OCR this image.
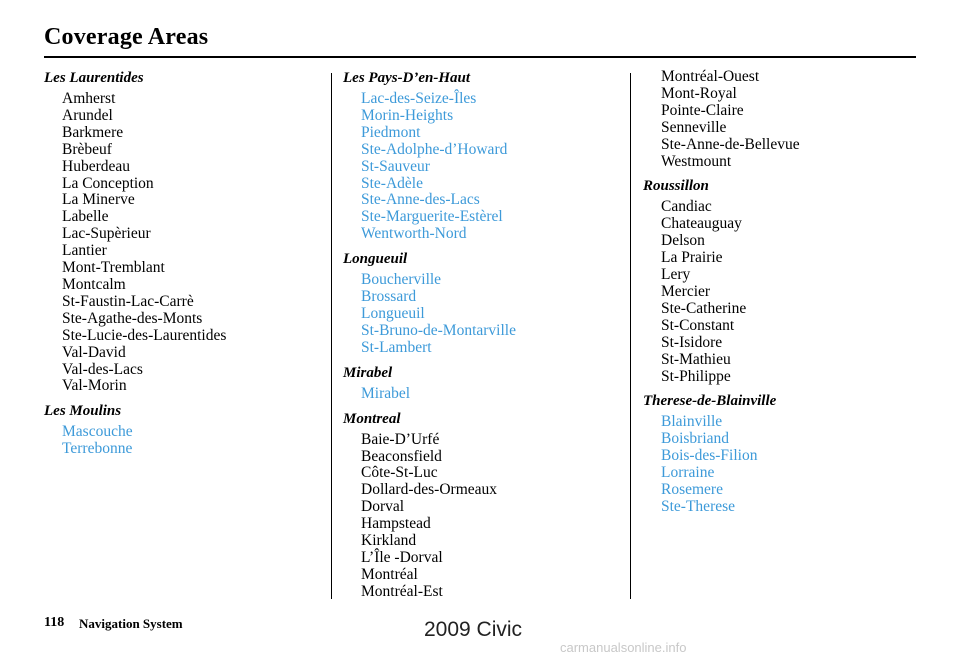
Coverage Areas
Les Laurentides
Amherst
Arundel
Barkmere
Brèbeuf
Huberdeau
La Conception
La Minerve
Labelle
Lac-Supèrieur
Lantier
Mont-Tremblant
Montcalm
St-Faustin-Lac-Carrè
Ste-Agathe-des-Monts
Ste-Lucie-des-Laurentides
Val-David
Val-des-Lacs
Val-Morin
Les Moulins
Mascouche
Terrebonne
Les Pays-D’en-Haut
Lac-des-Seize-Îles
Morin-Heights
Piedmont
Ste-Adolphe-d’Howard
St-Sauveur
Ste-Adèle
Ste-Anne-des-Lacs
Ste-Marguerite-Estèrel
Wentworth-Nord
Longueuil
Boucherville
Brossard
Longueuil
St-Bruno-de-Montarville
St-Lambert
Mirabel
Mirabel
Montreal
Baie-D’Urfé
Beaconsfield
Côte-St-Luc
Dollard-des-Ormeaux
Dorval
Hampstead
Kirkland
L’Île -Dorval
Montréal
Montréal-Est
Montréal-Ouest
Mont-Royal
Pointe-Claire
Senneville
Ste-Anne-de-Bellevue
Westmount
Roussillon
Candiac
Chateauguay
Delson
La Prairie
Lery
Mercier
Ste-Catherine
St-Constant
St-Isidore
St-Mathieu
St-Philippe
Therese-de-Blainville
Blainville
Boisbriand
Bois-des-Filion
Lorraine
Rosemere
Ste-Therese
118 Navigation System	2009 Civic
carmanualsonline.info
